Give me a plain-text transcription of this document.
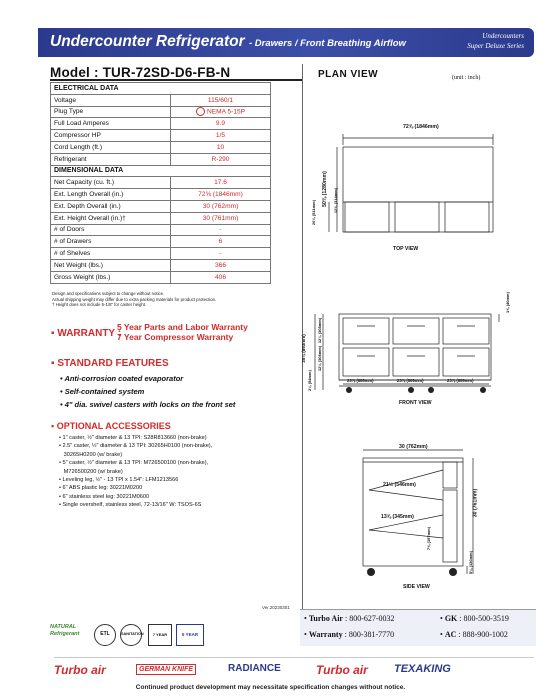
Undercounter Refrigerator - Drawers / Front Breathing Airflow
Undercounters
Super Deluxe Series
Model : TUR-72SD-D6-FB-N
ELECTRICAL DATA	
Voltage	115/60/1
Plug Type	NEMA 5-15P
Full Load Amperes	9.9
Compressor HP	1/5
Cord Length (ft.)	10
Refrigerant	R-290
DIMENSIONAL DATA	
Net Capacity (cu. ft.)	17.6
Ext. Length Overall (in.)	72⅝ (1846mm)
Ext. Depth Overall (in.)	30 (762mm)
Ext. Height Overall (in.)†	30 (761mm)
# of Doors	-
# of Drawers	6
# of Shelves	-
Net Weight (lbs.)	366
Gross Weight (lbs.)	406
Design and specifications subject to change without notice.
Actual shipping weight may differ due to extra packing materials for product protection.
† Height does not include 5-1/8" for caster height.
▪ WARRANTY :
5 Year Parts and Labor Warranty
7 Year Compressor Warranty
▪ STANDARD FEATURES
• Anti-corrosion coated evaporator
• Self-contained system
• 4" dia. swivel casters with locks on the front set
▪ OPTIONAL ACCESSORIES
• 1" caster, ½" diameter & 13 TPI: S28R813660 (non-brake)
• 2.5" caster, ½" diameter & 13 TPI: 30265H0100 (non-brake),
30265H0200 (w/ brake)
• 5" caster, ½" diameter & 13 TPI: M726500100 (non-brake),
M726500200 (w/ brake)
• Leveling leg, ½" - 13 TPI x 1.54": LFM1213566
• 6" ABS plastic leg: 30221M0200
• 6" stainless steel leg: 30221M0600
• Single overshelf, stainless steel, 72-13/16" W: TSOS-6S
Ver.20230301
PLAN VIEW	(unit : inch)
72⅝ (1846mm)
50⅜ (1280mm)
20⅛ (511mm)	12⅜ (314mm)
TOP VIEW
35⅛ (893mm)
12⅛ (308mm)
12⅛ (308mm)
1⅝ (40mm)
2⅛ (54mm)	23⅞ (608mm)	23⅞ (608mm)	23⅞ (608mm)
FRONT VIEW
30 (762mm)
21½ (546mm)
13⅝ (345mm)
7⅝ (197mm)
30 (761mm)
5⅛ (130mm)
SIDE VIEW
• Turbo Air : 800-627-0032	• GK : 800-500-3519
• Warranty : 800-381-7770	• AC : 888-900-1002
NATURAL
Refrigerant	ETL	SANITATION	7 YEAR	5 YEAR
Turbo air	GERMAN KNIFE	RADIANCE	Turbo air TEXAKING
Continued product development may necessitate specification changes without notice.
